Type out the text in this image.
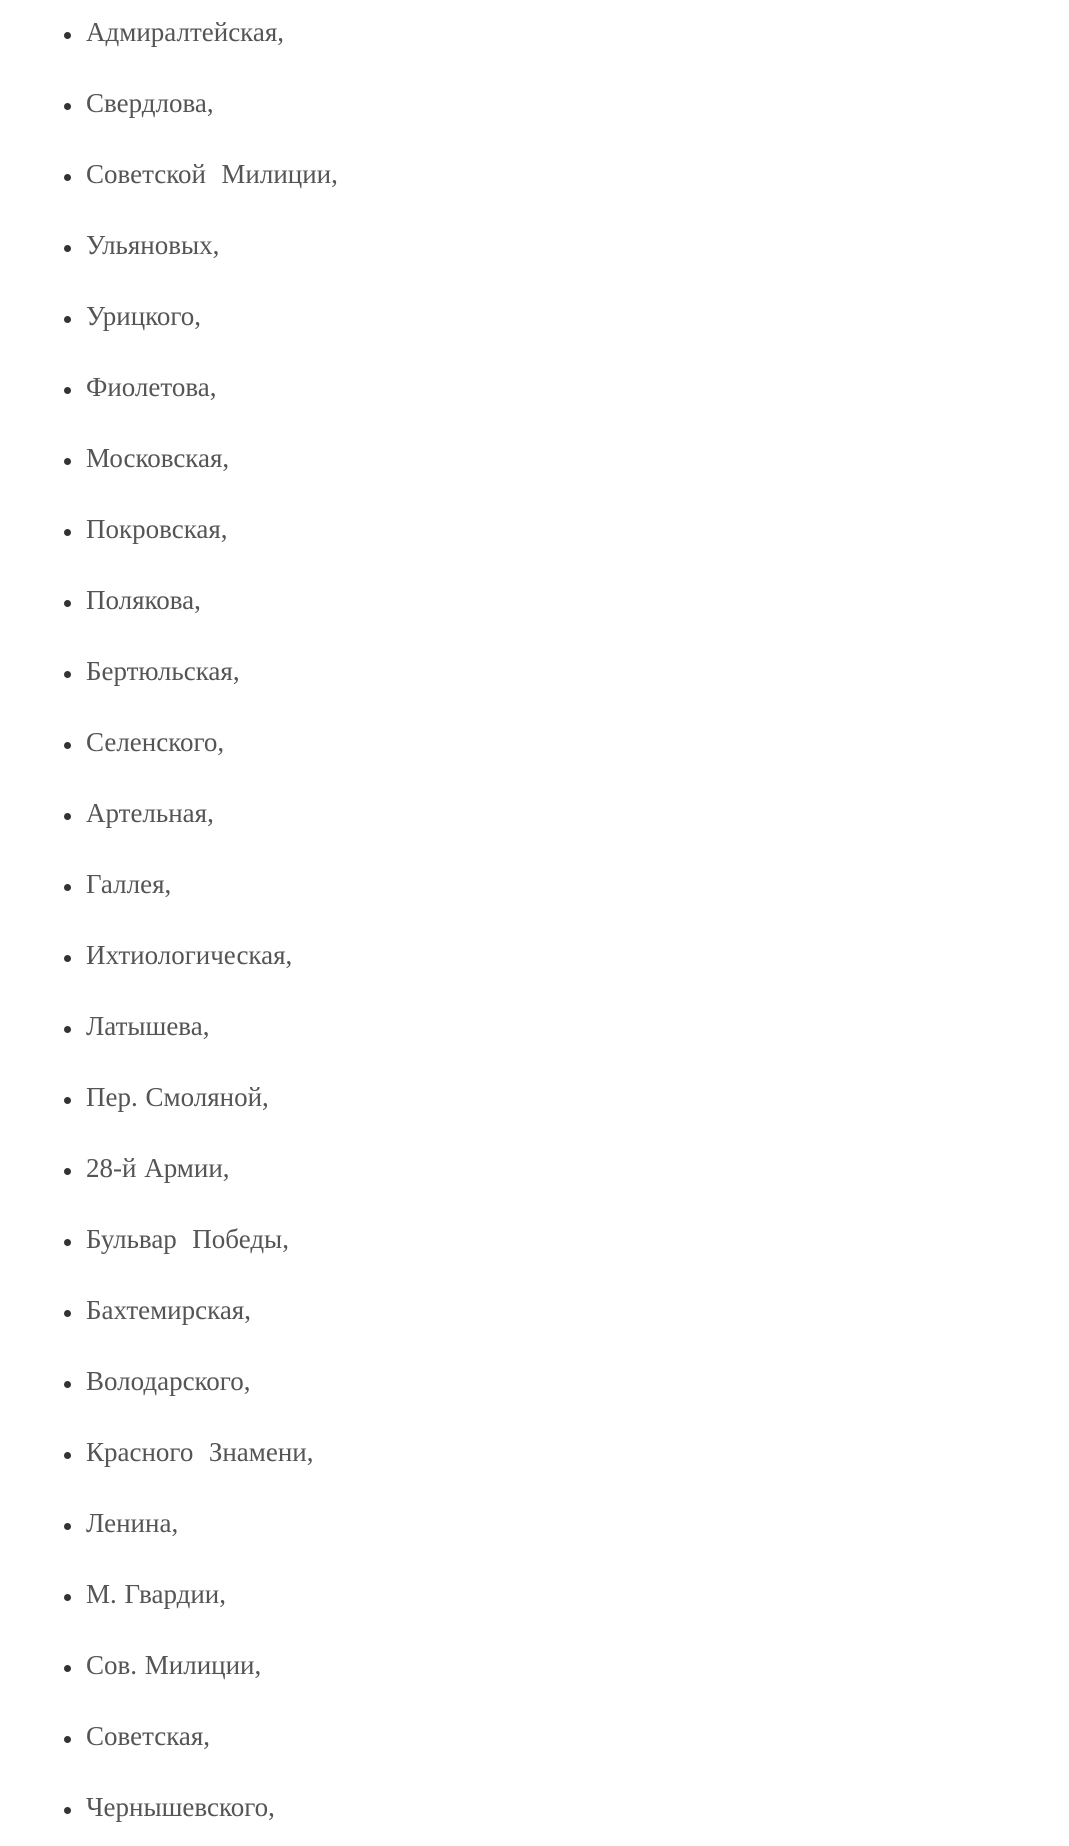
Адмиралтейская,
Свердлова,
Советской  Милиции,
Ульяновых,
Урицкого,
Фиолетова,
Московская,
Покровская,
Полякова,
Бертюльская,
Селенского,
Артельная,
Галлея,
Ихтиологическая,
Латышева,
Пер. Смоляной,
28-й Армии,
Бульвар  Победы,
Бахтемирская,
Володарского,
Красного  Знамени,
Ленина,
М. Гвардии,
Сов. Милиции,
Советская,
Чернышевского,
